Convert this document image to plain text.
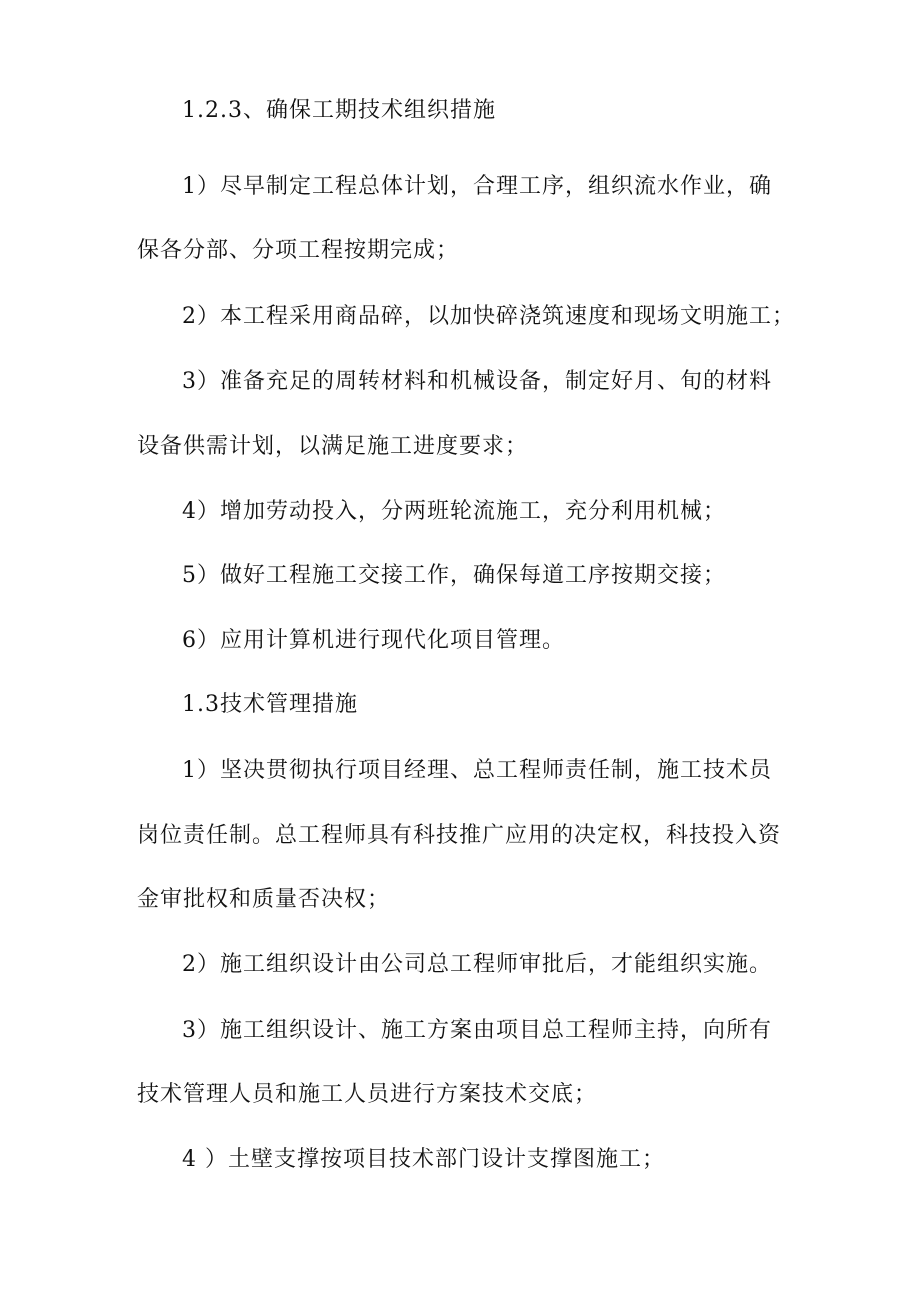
1.2.3、确保工期技术组织措施
1）尽早制定工程总体计划，合理工序，组织流水作业，确
保各分部、分项工程按期完成；
2）本工程采用商品碎，以加快碎浇筑速度和现场文明施工；
3）准备充足的周转材料和机械设备，制定好月、旬的材料
设备供需计划，以满足施工进度要求；
4）增加劳动投入，分两班轮流施工，充分利用机械；
5）做好工程施工交接工作，确保每道工序按期交接；
6）应用计算机进行现代化项目管理。
1.3技术管理措施
1）坚决贯彻执行项目经理、总工程师责任制，施工技术员
岗位责任制。总工程师具有科技推广应用的决定权，科技投入资
金审批权和质量否决权；
2）施工组织设计由公司总工程师审批后，才能组织实施。
3）施工组织设计、施工方案由项目总工程师主持，向所有
技术管理人员和施工人员进行方案技术交底；
4 ）土壁支撑按项目技术部门设计支撑图施工；
